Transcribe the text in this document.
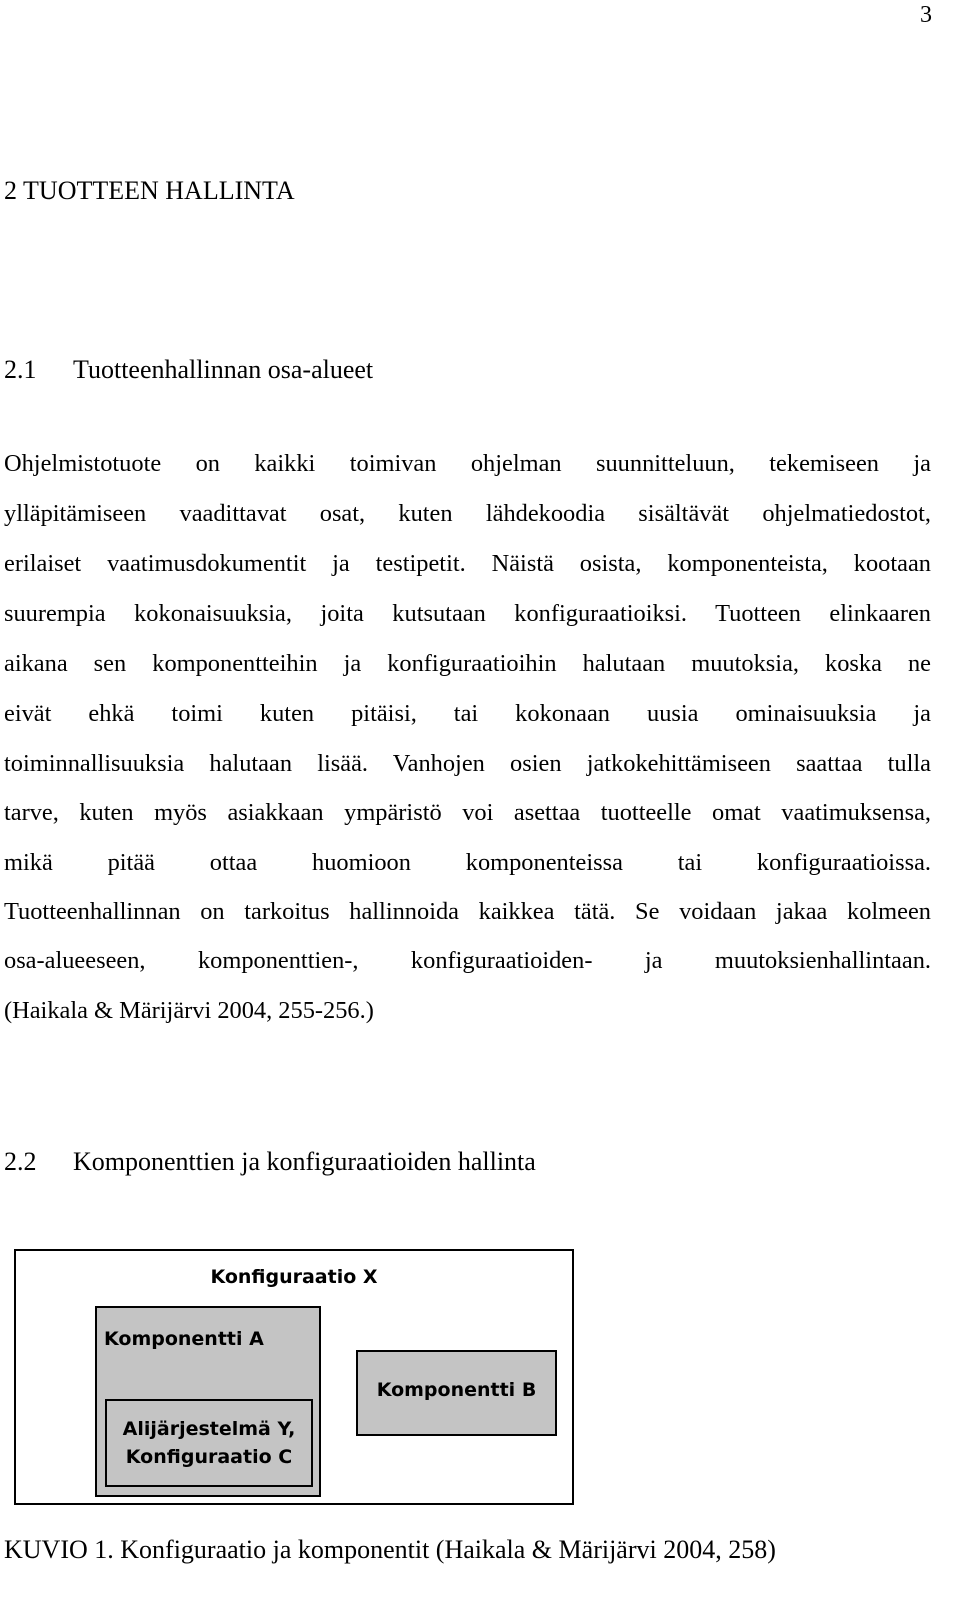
3
2 TUOTTEEN HALLINTA
2.1 Tuotteenhallinnan osa-alueet
Ohjelmistotuote on kaikki toimivan ohjelman suunnitteluun, tekemiseen ja
ylläpitämiseen vaadittavat osat, kuten lähdekoodia sisältävät ohjelmatiedostot,
erilaiset vaatimusdokumentit ja testipetit. Näistä osista, komponenteista, kootaan
suurempia kokonaisuuksia, joita kutsutaan konfiguraatioiksi. Tuotteen elinkaaren
aikana sen komponentteihin ja konfiguraatioihin halutaan muutoksia, koska ne
eivät ehkä toimi kuten pitäisi, tai kokonaan uusia ominaisuuksia ja
toiminnallisuuksia halutaan lisää. Vanhojen osien jatkokehittämiseen saattaa tulla
tarve, kuten myös asiakkaan ympäristö voi asettaa tuotteelle omat vaatimuksensa,
mikä pitää ottaa huomioon komponenteissa tai konfiguraatioissa.
Tuotteenhallinnan on tarkoitus hallinnoida kaikkea tätä. Se voidaan jakaa kolmeen
osa-alueeseen, komponenttien-, konfiguraatioiden- ja muutoksienhallintaan.
(Haikala & Märijärvi 2004, 255-256.)
2.2 Komponenttien ja konfiguraatioiden hallinta
Konfiguraatio X
Komponentti A
Alijärjestelmä Y,
Konfiguraatio C
Komponentti B
KUVIO 1. Konfiguraatio ja komponentit (Haikala & Märijärvi 2004, 258)
